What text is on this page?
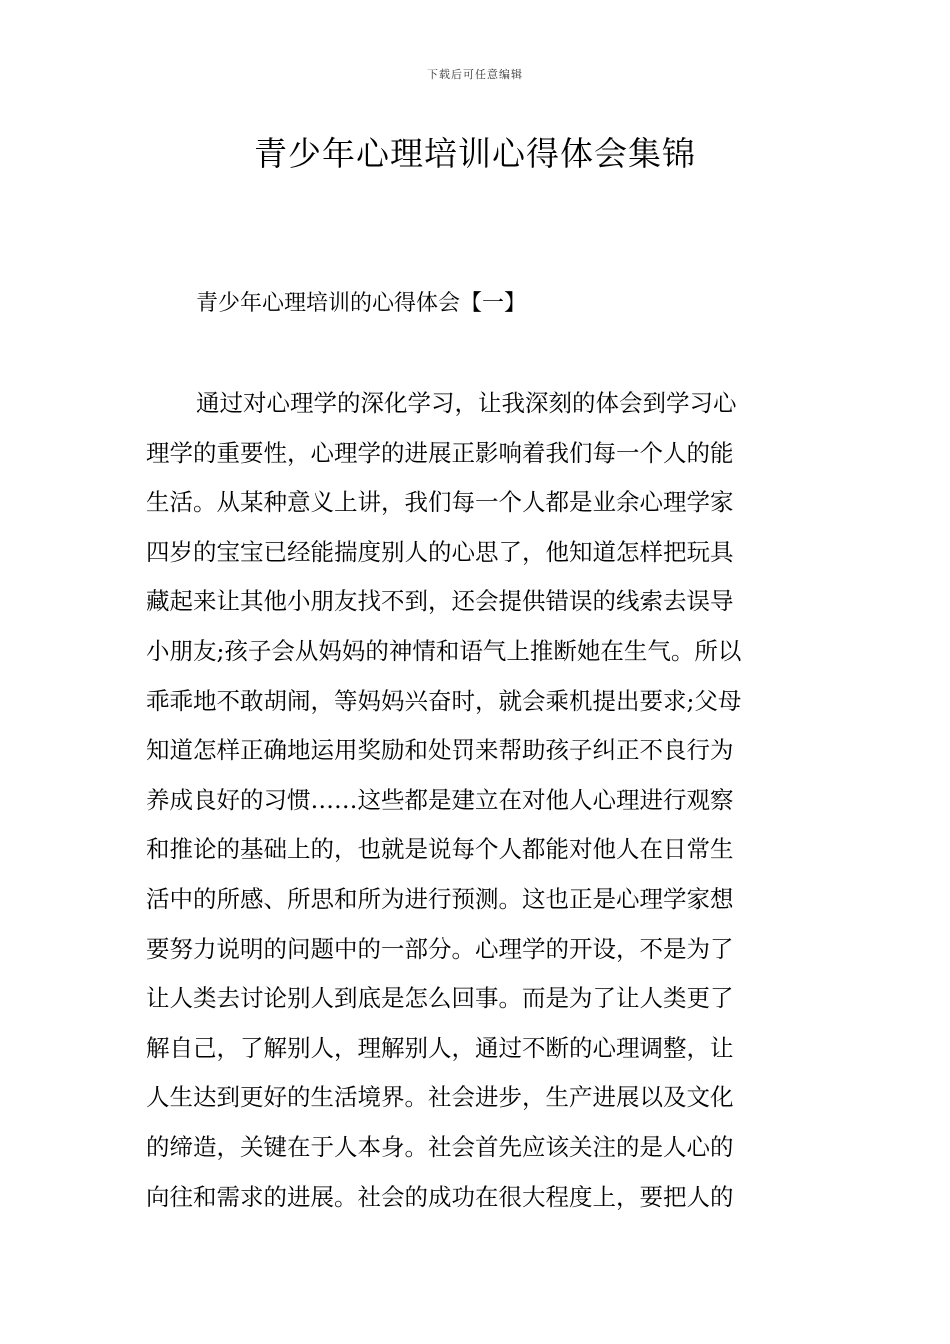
下载后可任意编辑
青少年心理培训心得体会集锦
青少年心理培训的心得体会【一】
通过对心理学的深化学习，让我深刻的体会到学习心
理学的重要性，心理学的进展正影响着我们每一个人的能
生活。从某种意义上讲，我们每一个人都是业余心理学家
四岁的宝宝已经能揣度别人的心思了，他知道怎样把玩具
藏起来让其他小朋友找不到，还会提供错误的线索去误导
小朋友;孩子会从妈妈的神情和语气上推断她在生气。所以
乖乖地不敢胡闹，等妈妈兴奋时，就会乘机提出要求;父母
知道怎样正确地运用奖励和处罚来帮助孩子纠正不良行为
养成良好的习惯……这些都是建立在对他人心理进行观察
和推论的基础上的，也就是说每个人都能对他人在日常生
活中的所感、所思和所为进行预测。这也正是心理学家想
要努力说明的问题中的一部分。心理学的开设，不是为了
让人类去讨论别人到底是怎么回事。而是为了让人类更了
解自己，了解别人，理解别人，通过不断的心理调整，让
人生达到更好的生活境界。社会进步，生产进展以及文化
的缔造，关键在于人本身。社会首先应该关注的是人心的
向往和需求的进展。社会的成功在很大程度上，要把人的
